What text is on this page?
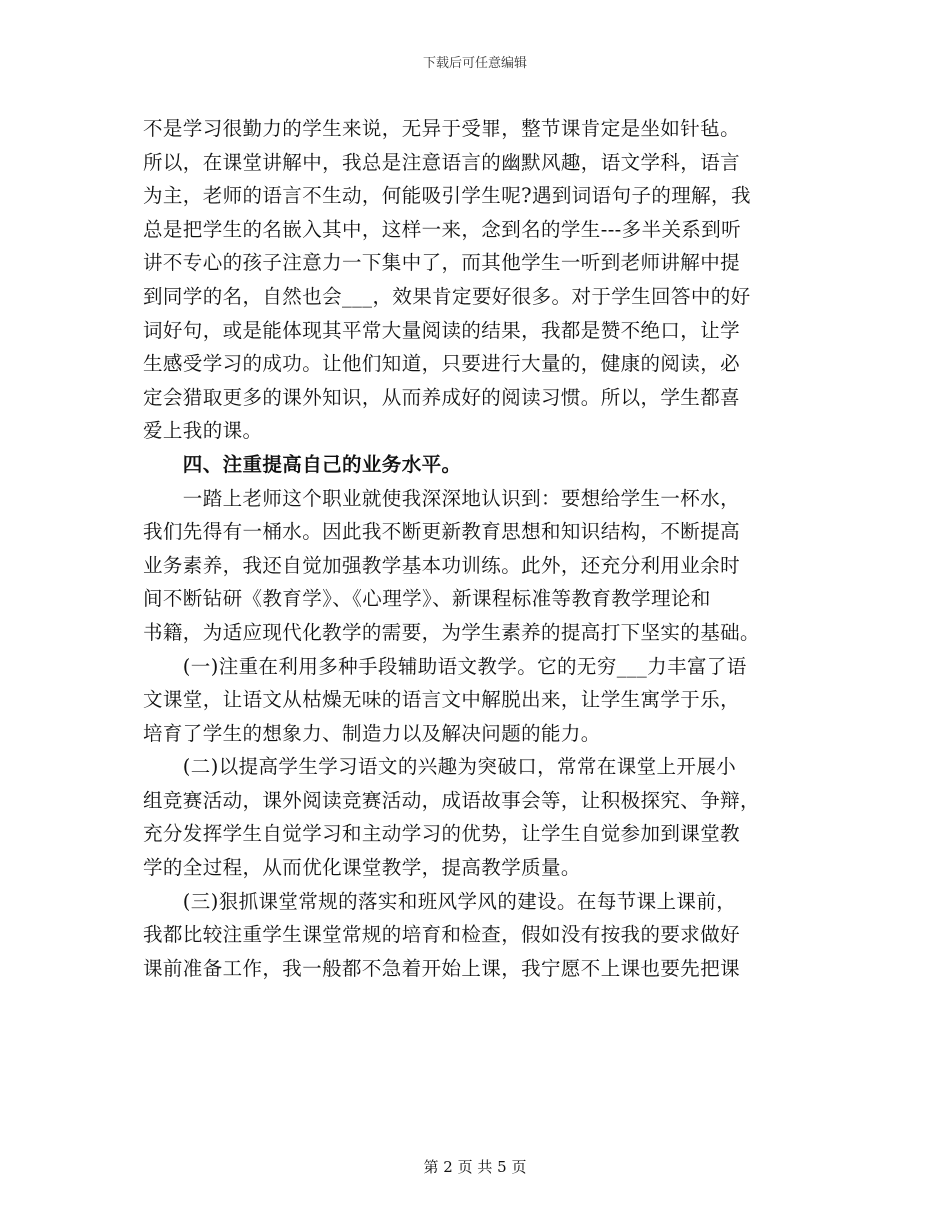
下载后可任意编辑
不是学习很勤力的学生来说，无异于受罪，整节课肯定是坐如针毡。
所以，在课堂讲解中，我总是注意语言的幽默风趣，语文学科，语言
为主，老师的语言不生动，何能吸引学生呢?遇到词语句子的理解，我
总是把学生的名嵌入其中，这样一来，念到名的学生---多半关系到听
讲不专心的孩子注意力一下集中了，而其他学生一听到老师讲解中提
到同学的名，自然也会___，效果肯定要好很多。对于学生回答中的好
词好句，或是能体现其平常大量阅读的结果，我都是赞不绝口，让学
生感受学习的成功。让他们知道，只要进行大量的，健康的阅读，必
定会猎取更多的课外知识，从而养成好的阅读习惯。所以，学生都喜
爱上我的课。
　　四、注重提高自己的业务水平。
　　一踏上老师这个职业就使我深深地认识到：要想给学生一杯水，
我们先得有一桶水。因此我不断更新教育思想和知识结构，不断提高
业务素养，我还自觉加强教学基本功训练。此外，还充分利用业余时
间不断钻研《教育学》、《心理学》、新课程标准等教育教学理论和
书籍，为适应现代化教学的需要，为学生素养的提高打下坚实的基础。
　　(一)注重在利用多种手段辅助语文教学。它的无穷___力丰富了语
文课堂，让语文从枯燥无味的语言文中解脱出来，让学生寓学于乐，
培育了学生的想象力、制造力以及解决问题的能力。
　　(二)以提高学生学习语文的兴趣为突破口，常常在课堂上开展小
组竞赛活动，课外阅读竞赛活动，成语故事会等，让积极探究、争辩，
充分发挥学生自觉学习和主动学习的优势，让学生自觉参加到课堂教
学的全过程，从而优化课堂教学，提高教学质量。
　　(三)狠抓课堂常规的落实和班风学风的建设。在每节课上课前，
我都比较注重学生课堂常规的培育和检查，假如没有按我的要求做好
课前准备工作，我一般都不急着开始上课，我宁愿不上课也要先把课
第 2 页 共 5 页
